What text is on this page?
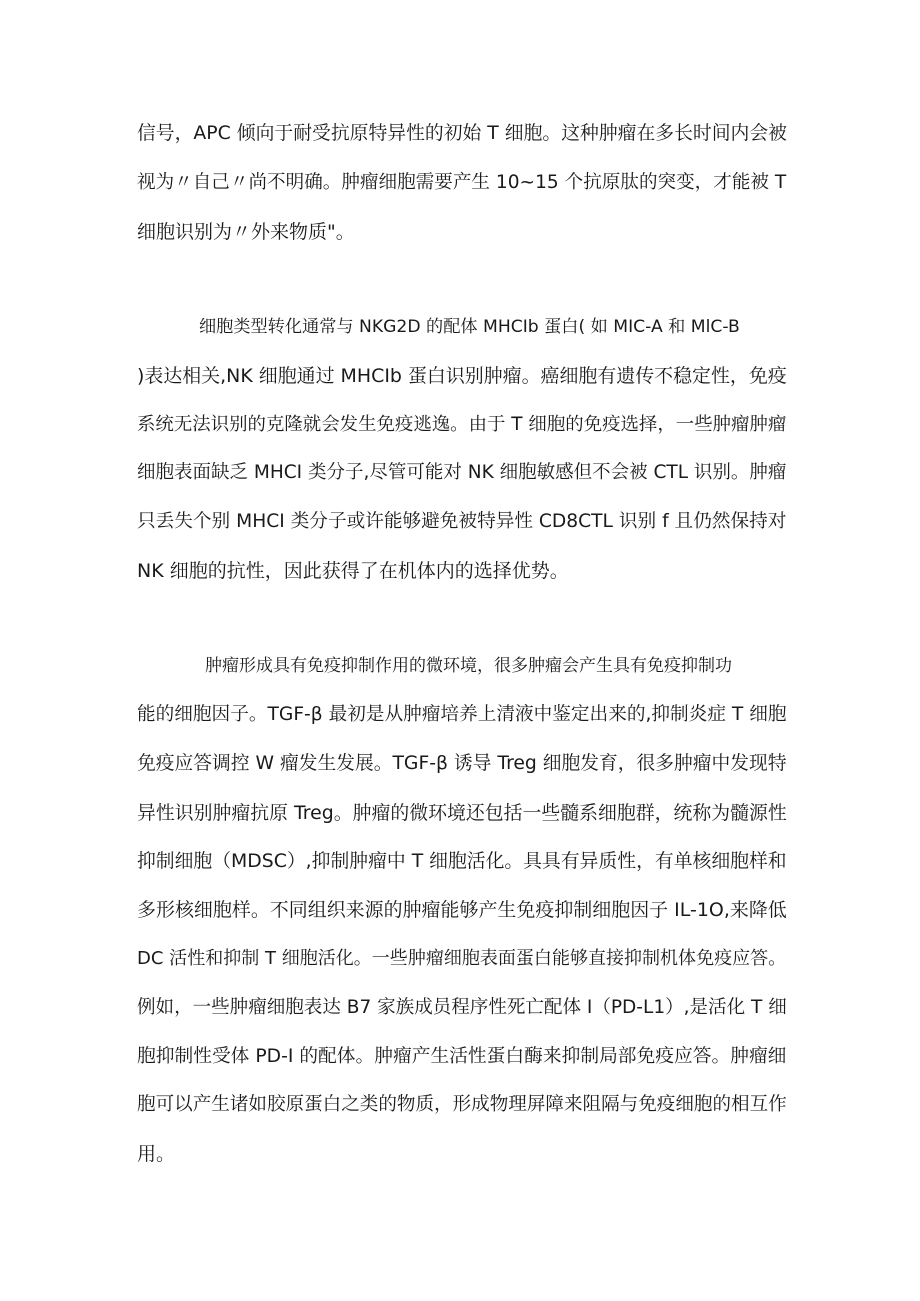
信号，APC 倾向于耐受抗原特异性的初始 T 细胞。这种肿瘤在多长时间内会被
视为〃自己〃尚不明确。肿瘤细胞需要产生 10~15 个抗原肽的突变，才能被 T
细胞识别为〃外来物质"。
细胞类型转化通常与 NKG2D 的配体 MHCIb 蛋白( 如 MIC-A 和 MlC-B
)表达相关,NK 细胞通过 MHCIb 蛋白识别肿瘤。癌细胞有遗传不稳定性，免疫
系统无法识别的克隆就会发生免疫逃逸。由于 T 细胞的免疫选择，一些肿瘤肿瘤
细胞表面缺乏 MHCI 类分子,尽管可能对 NK 细胞敏感但不会被 CTL 识别。肿瘤
只丢失个别 MHCI 类分子或许能够避免被特异性 CD8CTL 识别 f 且仍然保持对
NK 细胞的抗性，因此获得了在机体内的选择优势。
肿瘤形成具有免疫抑制作用的微环境，很多肿瘤会产生具有免疫抑制功
能的细胞因子。TGF-β 最初是从肿瘤培养上清液中鉴定出来的,抑制炎症 T 细胞
免疫应答调控 W 瘤发生发展。TGF-β 诱导 Treg 细胞发育，很多肿瘤中发现特
异性识别肿瘤抗原 Treg。肿瘤的微环境还包括一些髓系细胞群，统称为髓源性
抑制细胞（MDSC）,抑制肿瘤中 T 细胞活化。具具有异质性，有单核细胞样和
多形核细胞样。不同组织来源的肿瘤能够产生免疫抑制细胞因子 IL-1O,来降低
DC 活性和抑制 T 细胞活化。一些肿瘤细胞表面蛋白能够直接抑制机体免疫应答。
例如，一些肿瘤细胞表达 B7 家族成员程序性死亡配体 I（PD-L1）,是活化 T 细
胞抑制性受体 PD-I 的配体。肿瘤产生活性蛋白酶来抑制局部免疫应答。肿瘤细
胞可以产生诸如胶原蛋白之类的物质，形成物理屏障来阻隔与免疫细胞的相互作
用。
